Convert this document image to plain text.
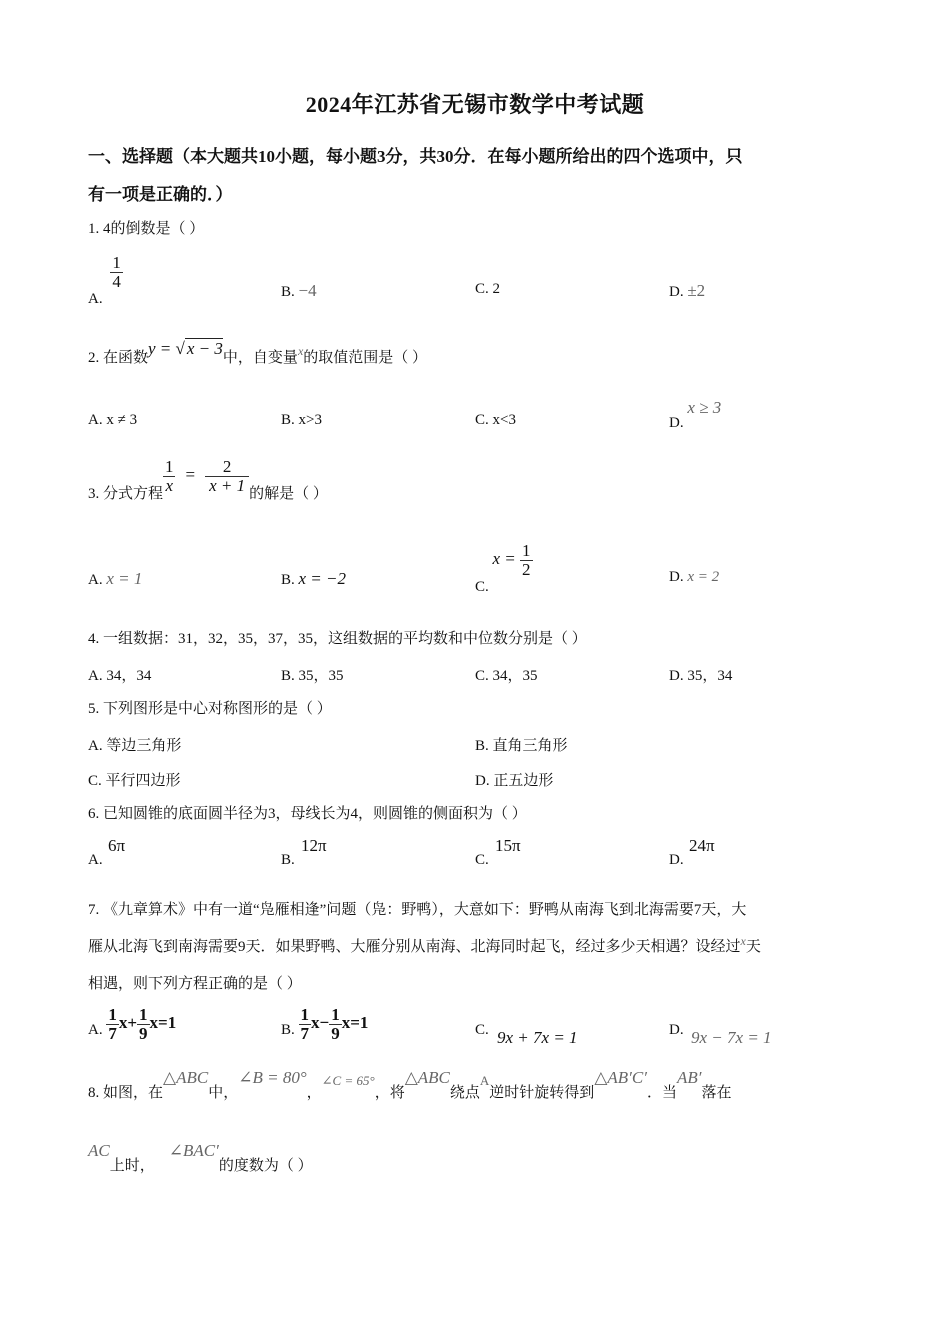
2024年江苏省无锡市数学中考试题
一、选择题（本大题共10小题，每小题3分，共30分．在每小题所给出的四个选项中，只
有一项是正确的．）
1. 4的倒数是（ ）
A.
$\frac{1}{4}$
B. −4	C. 2	D. ±2
2. 在函数y = √ x − 3中，自变量$^x$的取值范围是（ ）
A. x ≠ 3	B. x>3	C. x<3	D. x ≥ 3
3. 分式方程 $\frac{1}{x} = \frac{2}{x + 1}$ 的解是（ ）
A. x = 1	B. x = −2	C. $x = \frac{1}{2}$	D. x = 2
4. 一组数据：31，32，35，37，35，这组数据的平均数和中位数分别是（ ）
A. 34，34	B. 35，35	C. 34，35	D. 35，34
5. 下列图形是中心对称图形的是（ ）
A. 等边三角形	B. 直角三角形
C. 平行四边形	D. 正五边形
6. 已知圆锥的底面圆半径为3，母线长为4，则圆锥的侧面积为（ ）
A.
6π
B.
12π
C.
15π
D.
24π
7. 《九章算术》中有一道“凫雁相逢”问题（凫：野鸭），大意如下：野鸭从南海飞到北海需要7天，大
雁从北海飞到南海需要9天．如果野鸭、大雁分别从南海、北海同时起飞，经过多少天相遇？设经过$^x$天
相遇，则下列方程正确的是（ ）
A. $\frac{1}{7} x+ \frac{1}{9} x=1$	B. $\frac{1}{7} x- \frac{1}{9} x=1$	C. 9x + 7x = 1	D. 9x − 7x = 1
8. 如图，在△ABC中，∠B = 80°，∠C = 65°，将△ABC绕点A逆时针旋转得到△AB′C′．当AB′落在
AC上时，∠BAC′的度数为（ ）
